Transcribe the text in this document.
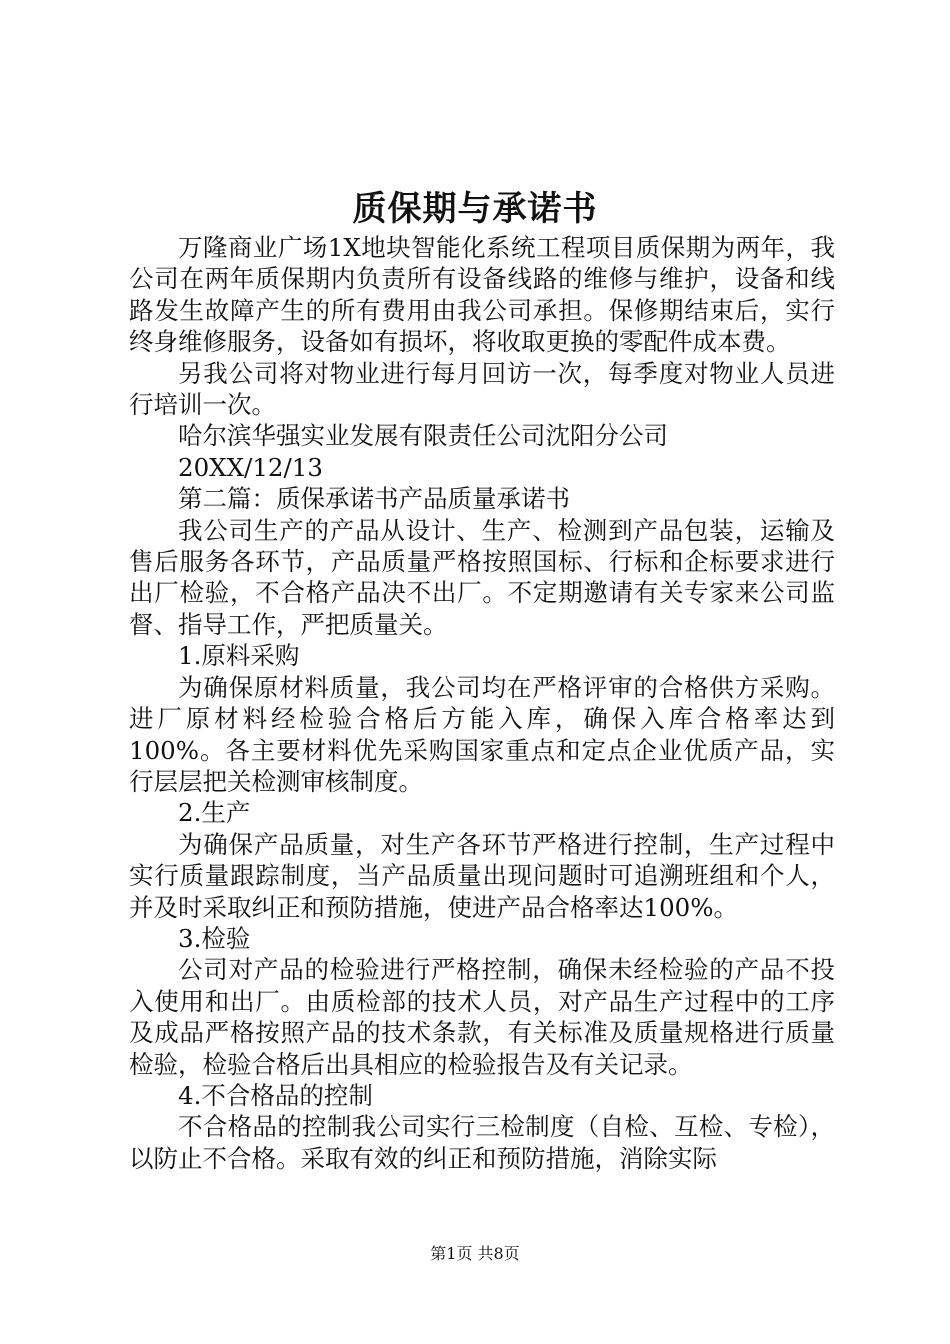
质保期与承诺书

万隆商业广场1X地块智能化系统工程项目质保期为两年，我公司在两年质保期内负责所有设备线路的维修与维护，设备和线路发生故障产生的所有费用由我公司承担。保修期结束后，实行终身维修服务，设备如有损坏，将收取更换的零配件成本费。

另我公司将对物业进行每月回访一次，每季度对物业人员进行培训一次。

哈尔滨华强实业发展有限责任公司沈阳分公司

20XX/12/13

第二篇：质保承诺书产品质量承诺书

我公司生产的产品从设计、生产、检测到产品包装，运输及售后服务各环节，产品质量严格按照国标、行标和企标要求进行出厂检验，不合格产品决不出厂。不定期邀请有关专家来公司监督、指导工作，严把质量关。

1.原料采购

为确保原材料质量，我公司均在严格评审的合格供方采购。进厂原材料经检验合格后方能入库，确保入库合格率达到100%。各主要材料优先采购国家重点和定点企业优质产品，实行层层把关检测审核制度。

2.生产

为确保产品质量，对生产各环节严格进行控制，生产过程中实行质量跟踪制度，当产品质量出现问题时可追溯班组和个人，并及时采取纠正和预防措施，使进产品合格率达100%。

3.检验

公司对产品的检验进行严格控制，确保未经检验的产品不投入使用和出厂。由质检部的技术人员，对产品生产过程中的工序及成品严格按照产品的技术条款，有关标准及质量规格进行质量检验，检验合格后出具相应的检验报告及有关记录。

4.不合格品的控制

不合格品的控制我公司实行三检制度（自检、互检、专检），以防止不合格。采取有效的纠正和预防措施，消除实际

第1页 共8页
